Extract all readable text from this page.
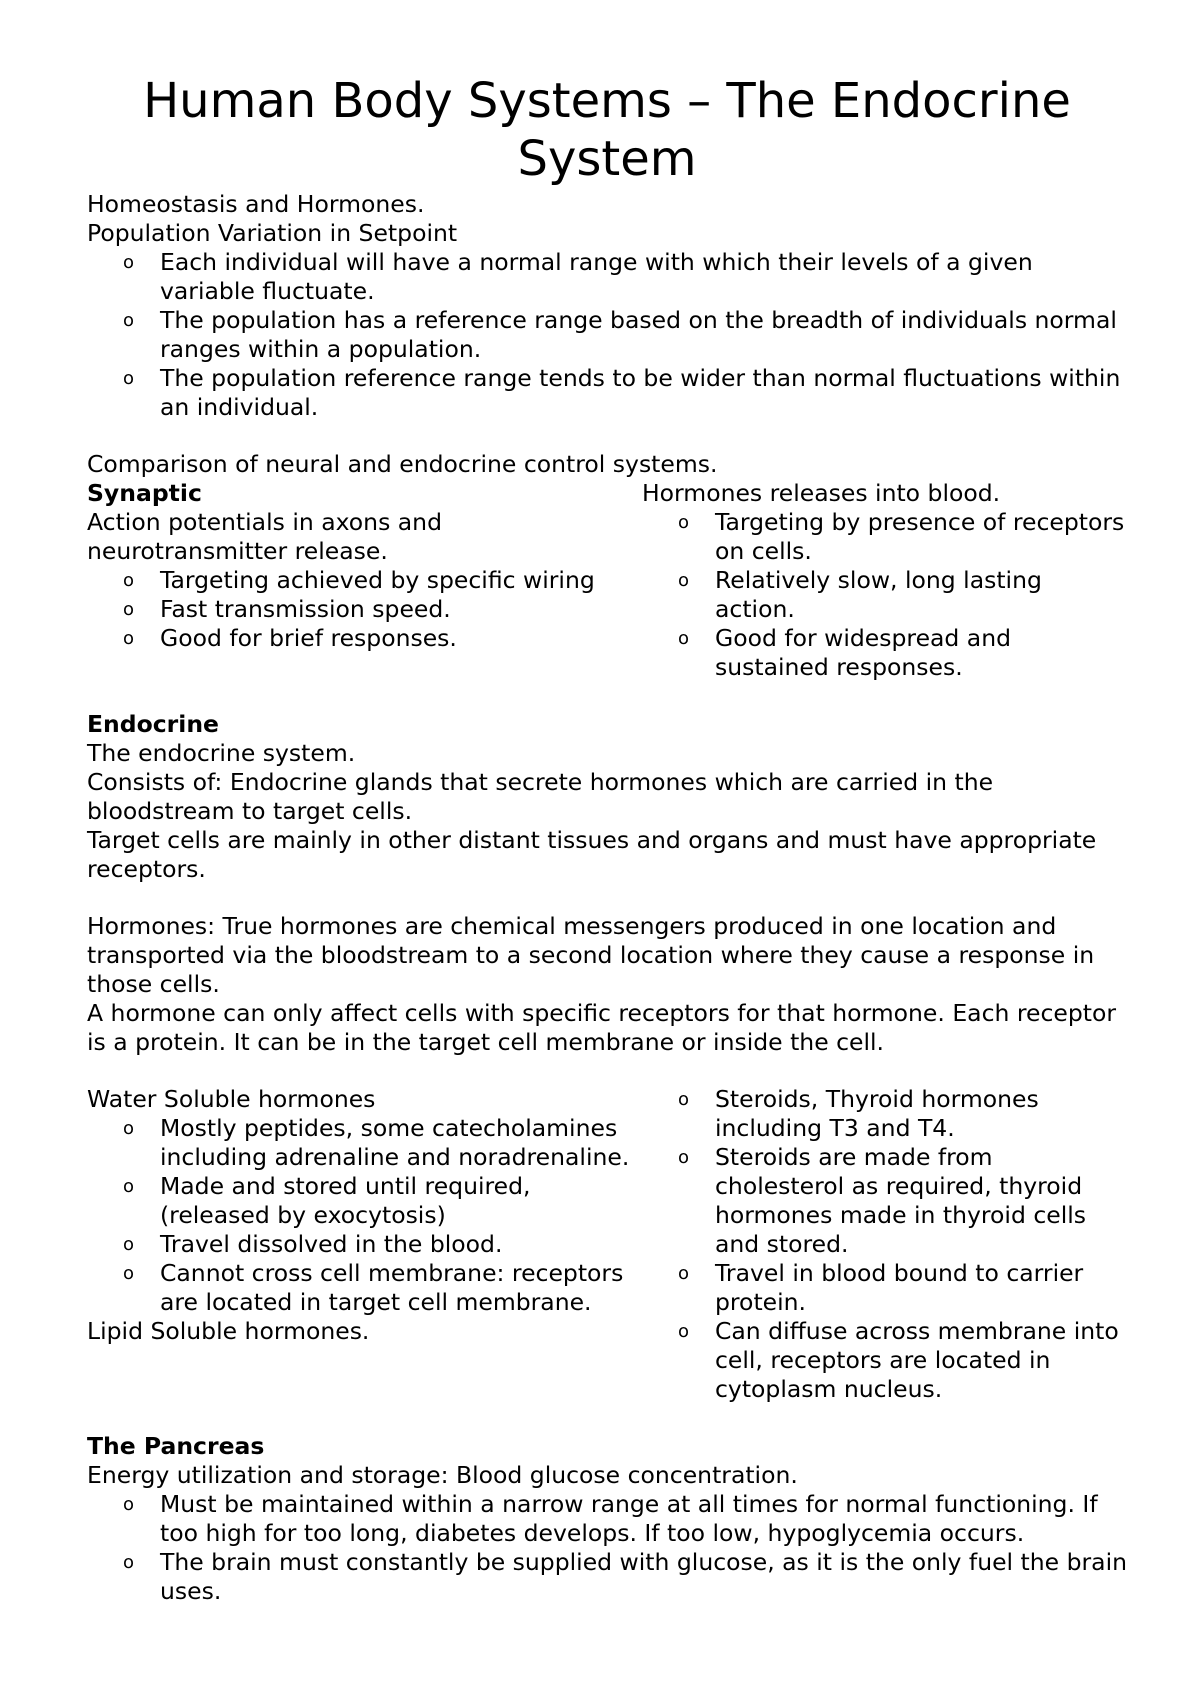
Human Body Systems – The Endocrine System

Homeostasis and Hormones.

Population Variation in Setpoint

o Each individual will have a normal range with which their levels of a given variable fluctuate.
o The population has a reference range based on the breadth of individuals normal ranges within a population.
o The population reference range tends to be wider than normal fluctuations within an individual.

Comparison of neural and endocrine control systems.

Synaptic

Action potentials in axons and neurotransmitter release.

o Targeting achieved by specific wiring
o Fast transmission speed.
o Good for brief responses.

Hormones releases into blood.

o Targeting by presence of receptors on cells.
o Relatively slow, long lasting action.
o Good for widespread and sustained responses.

Endocrine

The endocrine system.

Consists of: Endocrine glands that secrete hormones which are carried in the bloodstream to target cells.

Target cells are mainly in other distant tissues and organs and must have appropriate receptors.

Hormones: True hormones are chemical messengers produced in one location and transported via the bloodstream to a second location where they cause a response in those cells.

A hormone can only affect cells with specific receptors for that hormone. Each receptor is a protein. It can be in the target cell membrane or inside the cell.

Water Soluble hormones

o Mostly peptides, some catecholamines including adrenaline and noradrenaline.
o Made and stored until required, (released by exocytosis)
o Travel dissolved in the blood.
o Cannot cross cell membrane: receptors are located in target cell membrane.

Lipid Soluble hormones.

o Steroids, Thyroid hormones including T3 and T4.
o Steroids are made from cholesterol as required, thyroid hormones made in thyroid cells and stored.
o Travel in blood bound to carrier protein.
o Can diffuse across membrane into cell, receptors are located in cytoplasm nucleus.

The Pancreas

Energy utilization and storage: Blood glucose concentration.

o Must be maintained within a narrow range at all times for normal functioning. If too high for too long, diabetes develops. If too low, hypoglycemia occurs.
o The brain must constantly be supplied with glucose, as it is the only fuel the brain uses.
